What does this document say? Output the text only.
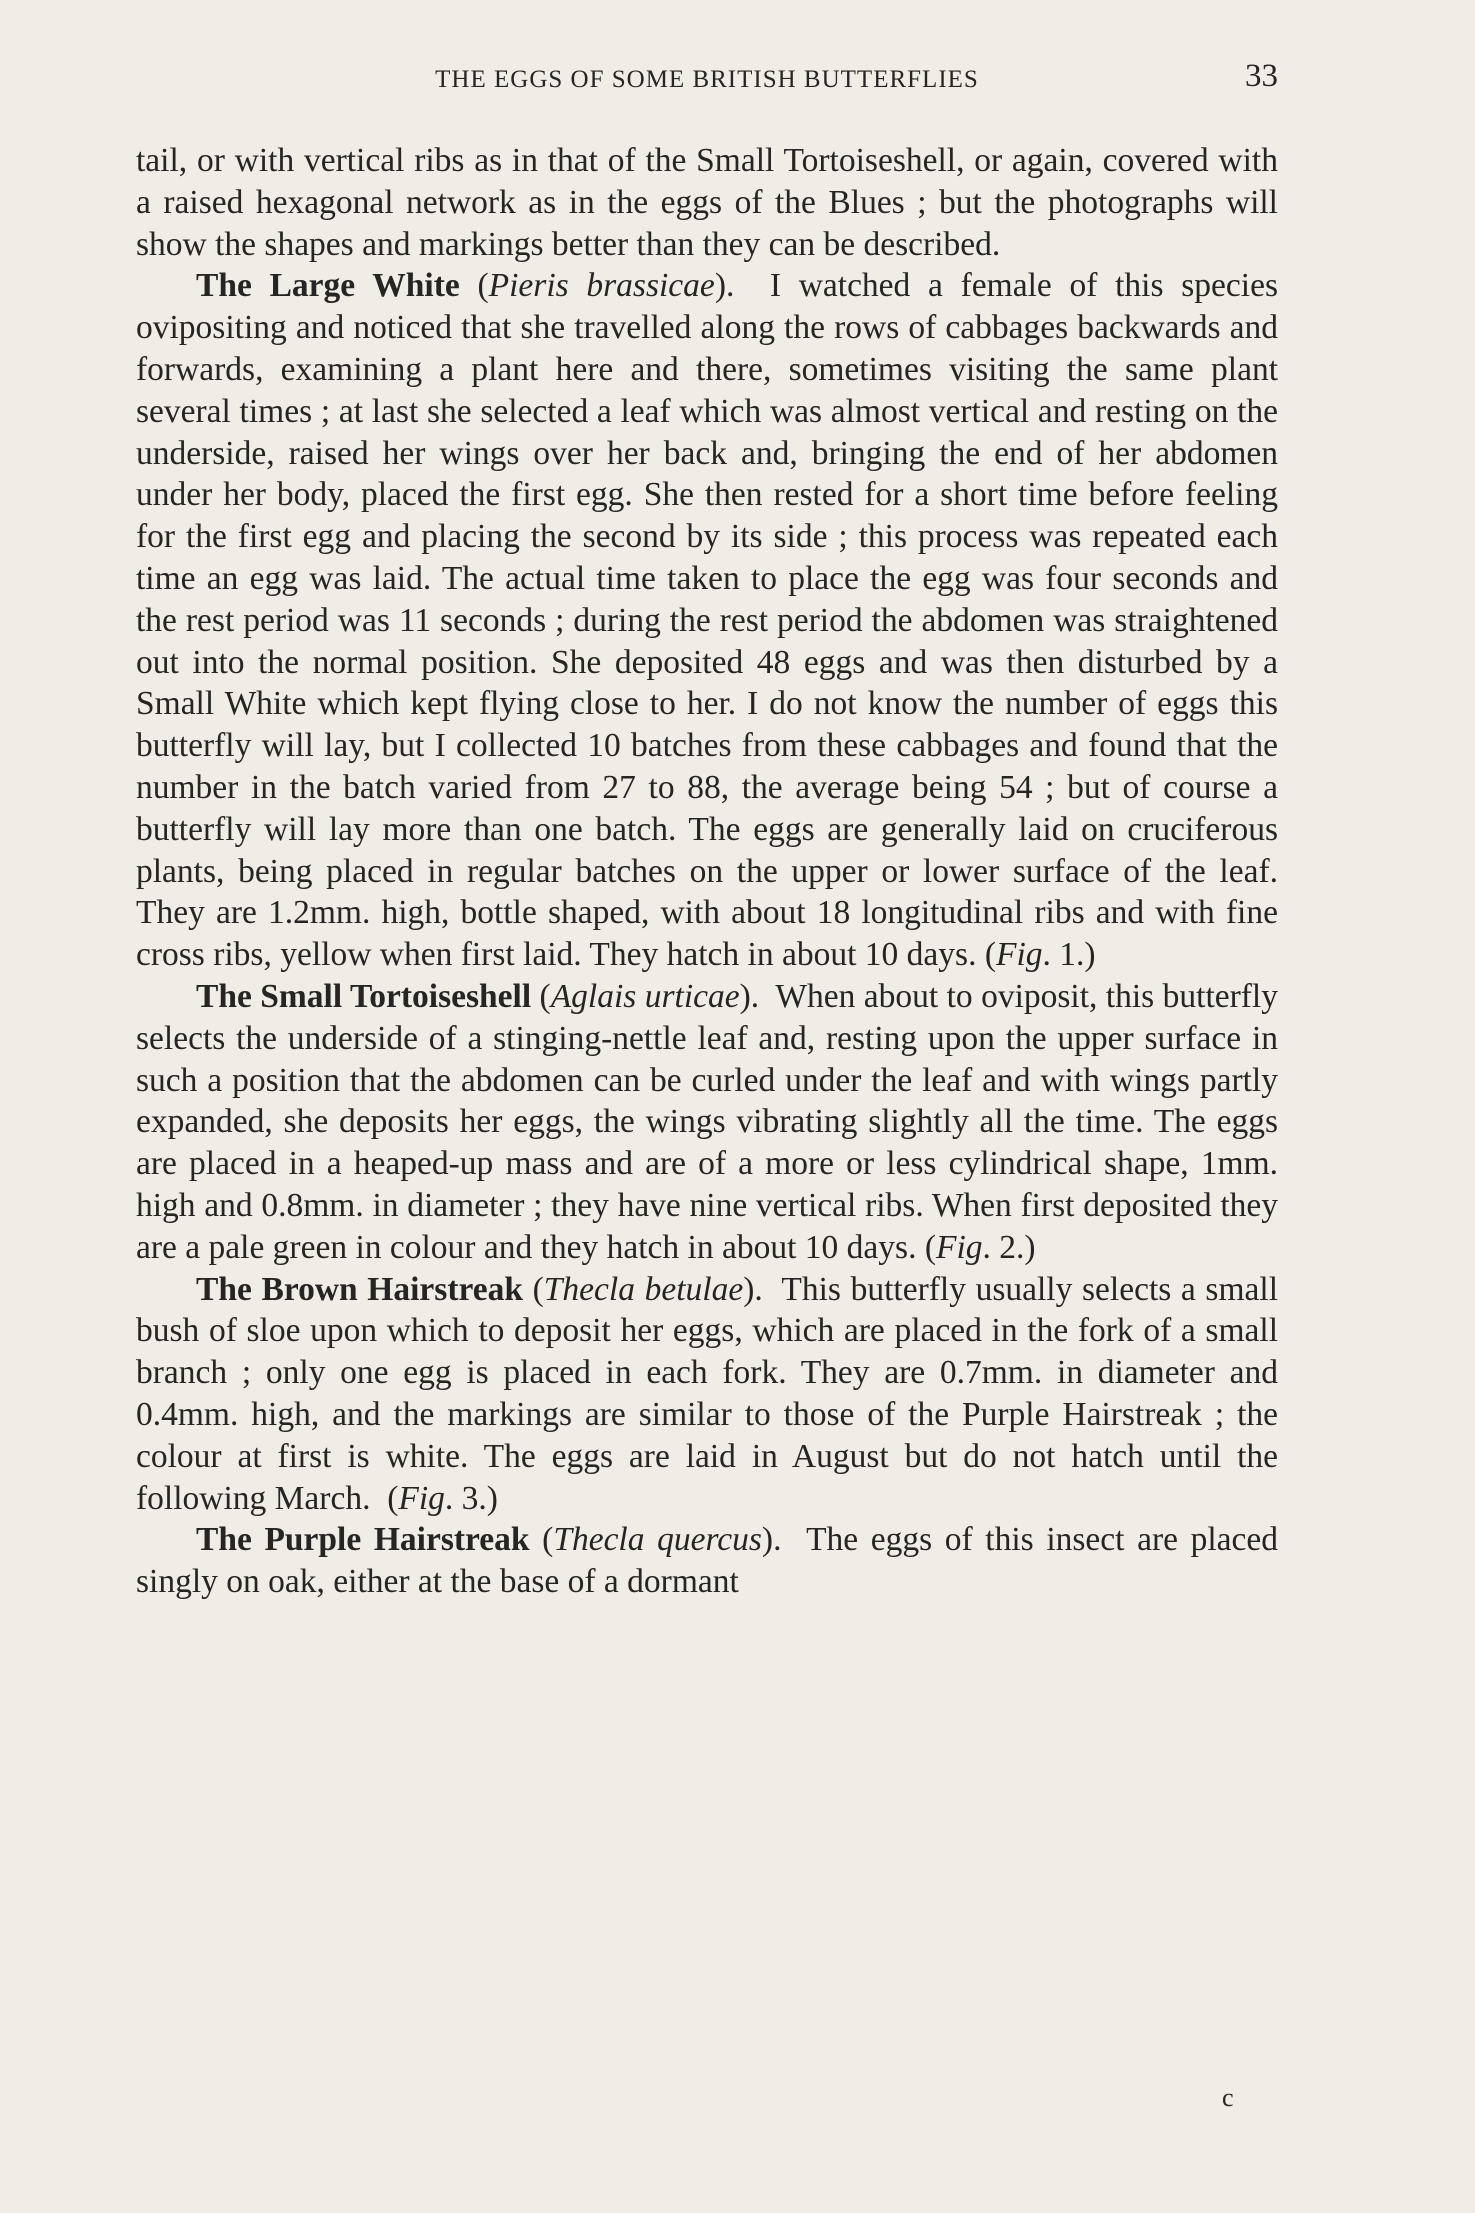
THE EGGS OF SOME BRITISH BUTTERFLIES	33

tail, or with vertical ribs as in that of the Small Tortoiseshell, or again, covered with a raised hexagonal network as in the eggs of the Blues ; but the photographs will show the shapes and markings better than they can be described.

The Large White (Pieris brassicae).  I watched a female of this species ovipositing and noticed that she travelled along the rows of cabbages backwards and forwards, examining a plant here and there, sometimes visiting the same plant several times ; at last she selected a leaf which was almost vertical and resting on the underside, raised her wings over her back and, bringing the end of her abdomen under her body, placed the first egg. She then rested for a short time before feeling for the first egg and placing the second by its side ; this process was repeated each time an egg was laid. The actual time taken to place the egg was four seconds and the rest period was 11 seconds ; during the rest period the abdomen was straightened out into the normal position. She deposited 48 eggs and was then disturbed by a Small White which kept flying close to her. I do not know the number of eggs this butterfly will lay, but I collected 10 batches from these cabbages and found that the number in the batch varied from 27 to 88, the average being 54 ; but of course a butterfly will lay more than one batch. The eggs are generally laid on cruciferous plants, being placed in regular batches on the upper or lower surface of the leaf. They are 1.2mm. high, bottle shaped, with about 18 longitudinal ribs and with fine cross ribs, yellow when first laid. They hatch in about 10 days. (Fig. 1.)

The Small Tortoiseshell (Aglais urticae).  When about to oviposit, this butterfly selects the underside of a stinging-nettle leaf and, resting upon the upper surface in such a position that the abdomen can be curled under the leaf and with wings partly expanded, she deposits her eggs, the wings vibrating slightly all the time. The eggs are placed in a heaped-up mass and are of a more or less cylindrical shape, 1mm. high and 0.8mm. in diameter ; they have nine vertical ribs. When first deposited they are a pale green in colour and they hatch in about 10 days. (Fig. 2.)

The Brown Hairstreak (Thecla betulae).  This butterfly usually selects a small bush of sloe upon which to deposit her eggs, which are placed in the fork of a small branch ; only one egg is placed in each fork. They are 0.7mm. in diameter and 0.4mm. high, and the markings are similar to those of the Purple Hairstreak ; the colour at first is white. The eggs are laid in August but do not hatch until the following March.  (Fig. 3.)

The Purple Hairstreak (Thecla quercus).  The eggs of this insect are placed singly on oak, either at the base of a dormant

c
